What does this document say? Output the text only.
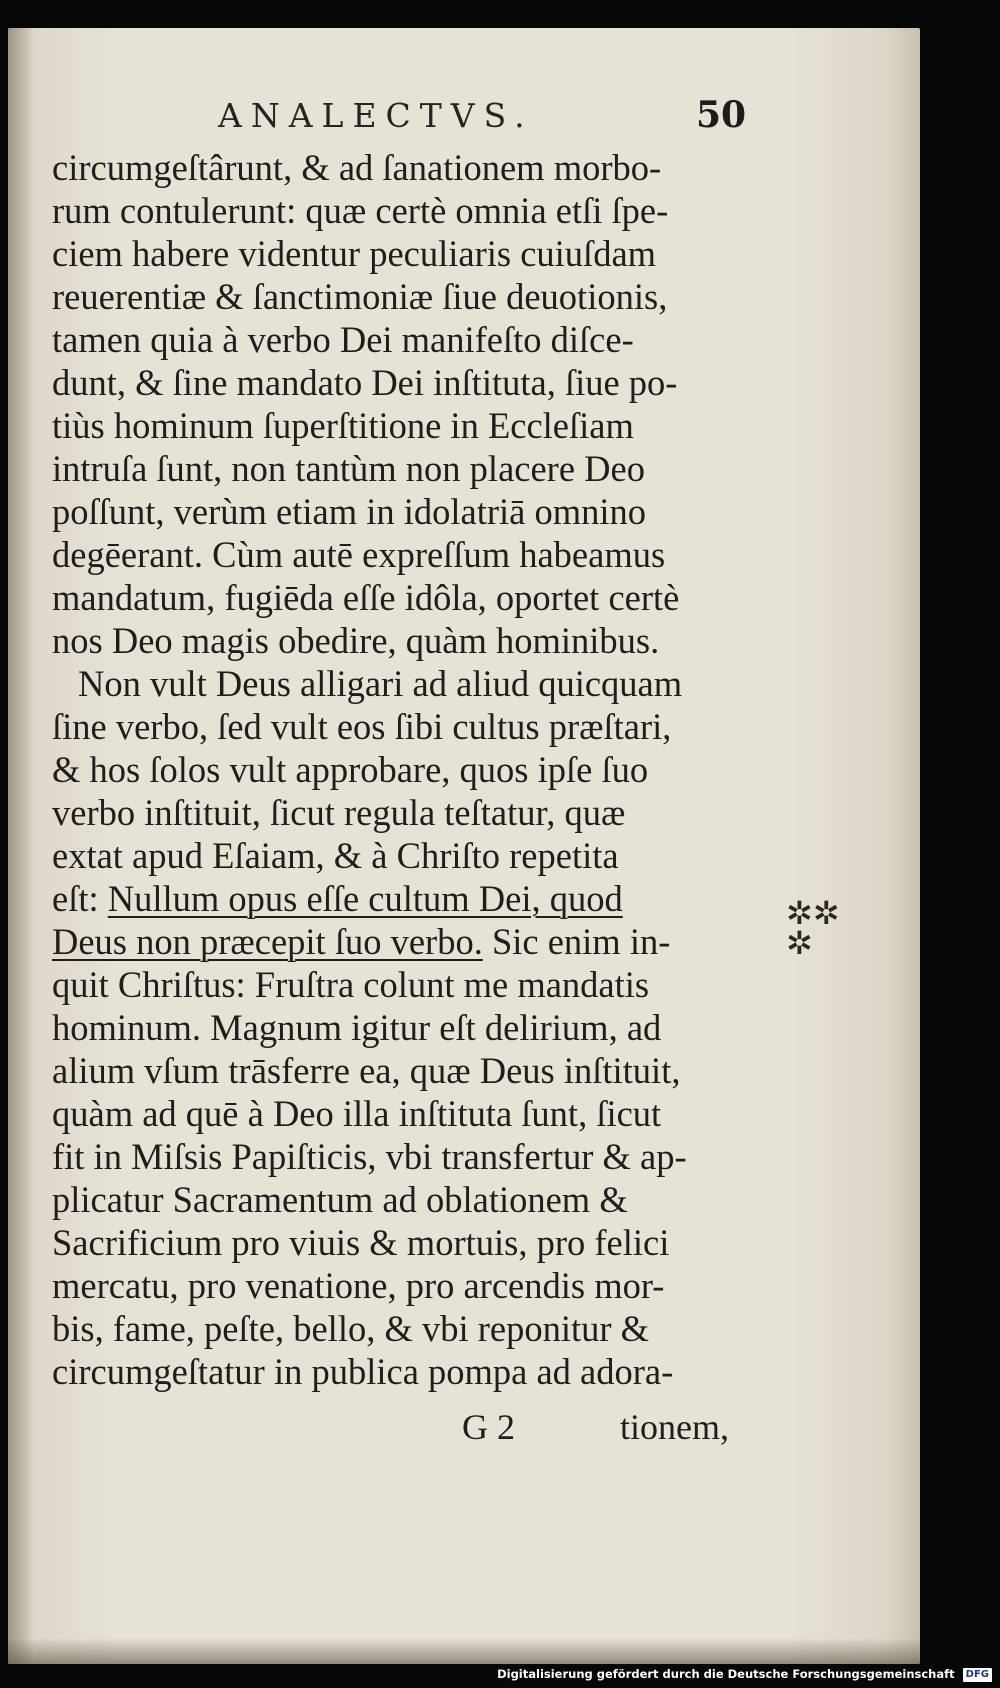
ANALECTVS.	50
circumgeſtârunt, & ad ſanationem morbo-
rum contulerunt: quæ certè omnia etſi ſpe-
ciem habere videntur peculiaris cuiuſdam
reuerentiæ & ſanctimoniæ ſiue deuotionis,
tamen quia à verbo Dei manifeſto diſce-
dunt, & ſine mandato Dei inſtituta, ſiue po-
tiùs hominum ſuperſtitione in Eccleſiam
intruſa ſunt, non tantùm non placere Deo
poſſunt, verùm etiam in idolatriā omnino
degēerant. Cùm autē expreſſum habeamus
mandatum, fugiēda eſſe idôla, oportet certè
nos Deo magis obedire, quàm hominibus.
Non vult Deus alligari ad aliud quicquam
ſine verbo, ſed vult eos ſibi cultus præſtari,
& hos ſolos vult approbare, quos ipſe ſuo
verbo inſtituit, ſicut regula teſtatur, quæ
extat apud Eſaiam, & à Chriſto repetita
eſt: Nullum opus eſſe cultum Dei, quod
Deus non præcepit ſuo verbo. Sic enim in-
quit Chriſtus: Fruſtra colunt me mandatis
hominum. Magnum igitur eſt delirium, ad
alium vſum trāsferre ea, quæ Deus inſtituit,
quàm ad quē à Deo illa inſtituta ſunt, ſicut
fit in Miſsis Papiſticis, vbi transfertur & ap-
plicatur Sacramentum ad oblationem &
Sacrificium pro viuis & mortuis, pro felici
mercatu, pro venatione, pro arcendis mor-
bis, fame, peſte, bello, & vbi reponitur &
circumgeſtatur in publica pompa ad adora-
✲✲
✲
G 2	tionem,
Digitalisierung gefördert durch die Deutsche Forschungsgemeinschaft DFG
